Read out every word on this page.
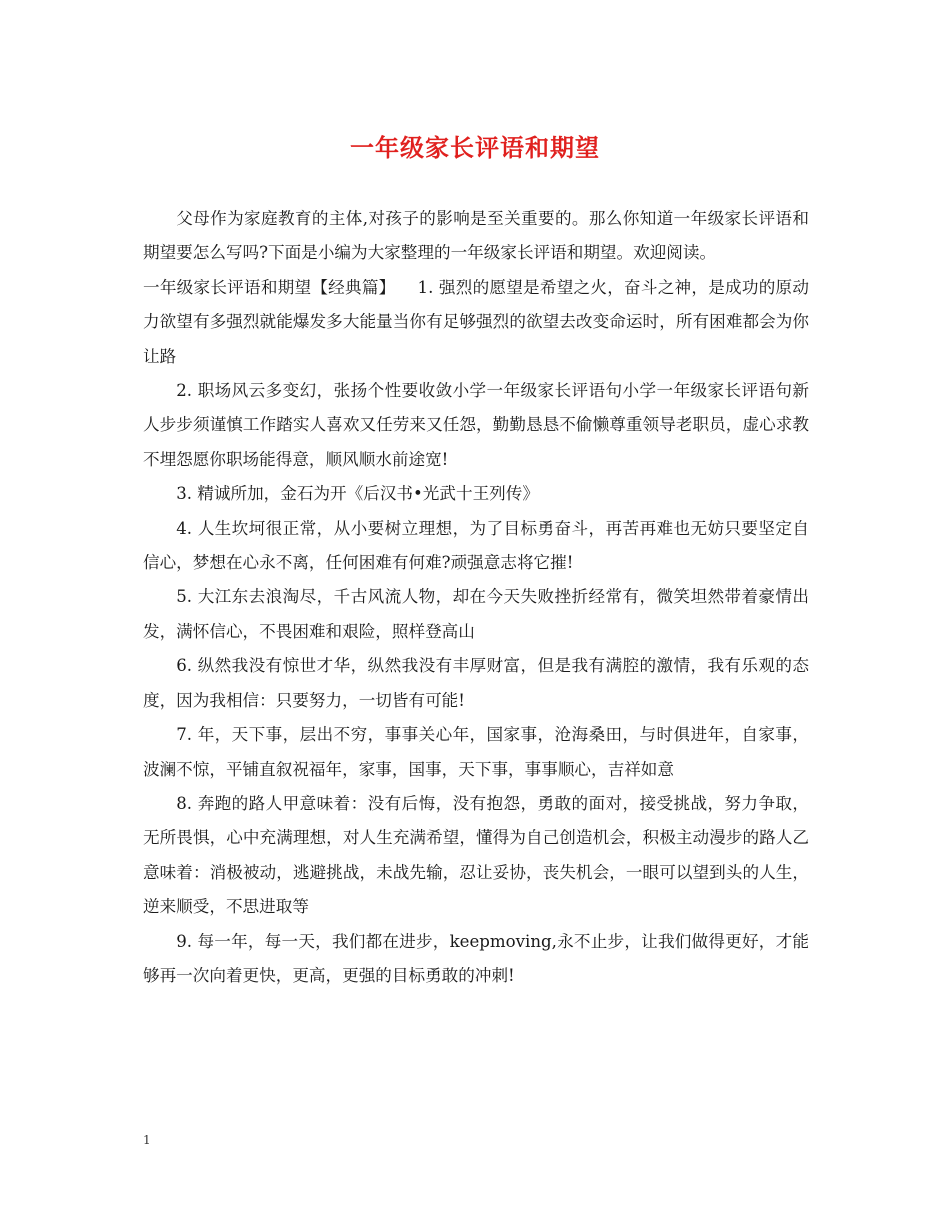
一年级家长评语和期望

父母作为家庭教育的主体,对孩子的影响是至关重要的。那么你知道一年级家长评语和期望要怎么写吗?下面是小编为大家整理的一年级家长评语和期望。欢迎阅读。

一年级家长评语和期望【经典篇】    1. 强烈的愿望是希望之火，奋斗之神，是成功的原动力欲望有多强烈就能爆发多大能量当你有足够强烈的欲望去改变命运时，所有困难都会为你让路

2. 职场风云多变幻，张扬个性要收敛小学一年级家长评语句小学一年级家长评语句新人步步须谨慎工作踏实人喜欢又任劳来又任怨，勤勤恳恳不偷懒尊重领导老职员，虚心求教不埋怨愿你职场能得意，顺风顺水前途宽!

3. 精诚所加，金石为开《后汉书•光武十王列传》

4. 人生坎坷很正常，从小要树立理想，为了目标勇奋斗，再苦再难也无妨只要坚定自信心，梦想在心永不离，任何困难有何难?顽强意志将它摧!

5. 大江东去浪淘尽，千古风流人物，却在今天失败挫折经常有，微笑坦然带着豪情出发，满怀信心，不畏困难和艰险，照样登高山

6. 纵然我没有惊世才华，纵然我没有丰厚财富，但是我有满腔的激情，我有乐观的态度，因为我相信：只要努力，一切皆有可能!

7. 年，天下事，层出不穷，事事关心年，国家事，沧海桑田，与时俱进年，自家事，波澜不惊，平铺直叙祝福年，家事，国事，天下事，事事顺心，吉祥如意

8. 奔跑的路人甲意味着：没有后悔，没有抱怨，勇敢的面对，接受挑战，努力争取，无所畏惧，心中充满理想，对人生充满希望，懂得为自己创造机会，积极主动漫步的路人乙意味着：消极被动，逃避挑战，未战先输，忍让妥协，丧失机会，一眼可以望到头的人生，逆来顺受，不思进取等

9. 每一年，每一天，我们都在进步，keepmoving,永不止步，让我们做得更好，才能够再一次向着更快，更高，更强的目标勇敢的冲刺!

1
